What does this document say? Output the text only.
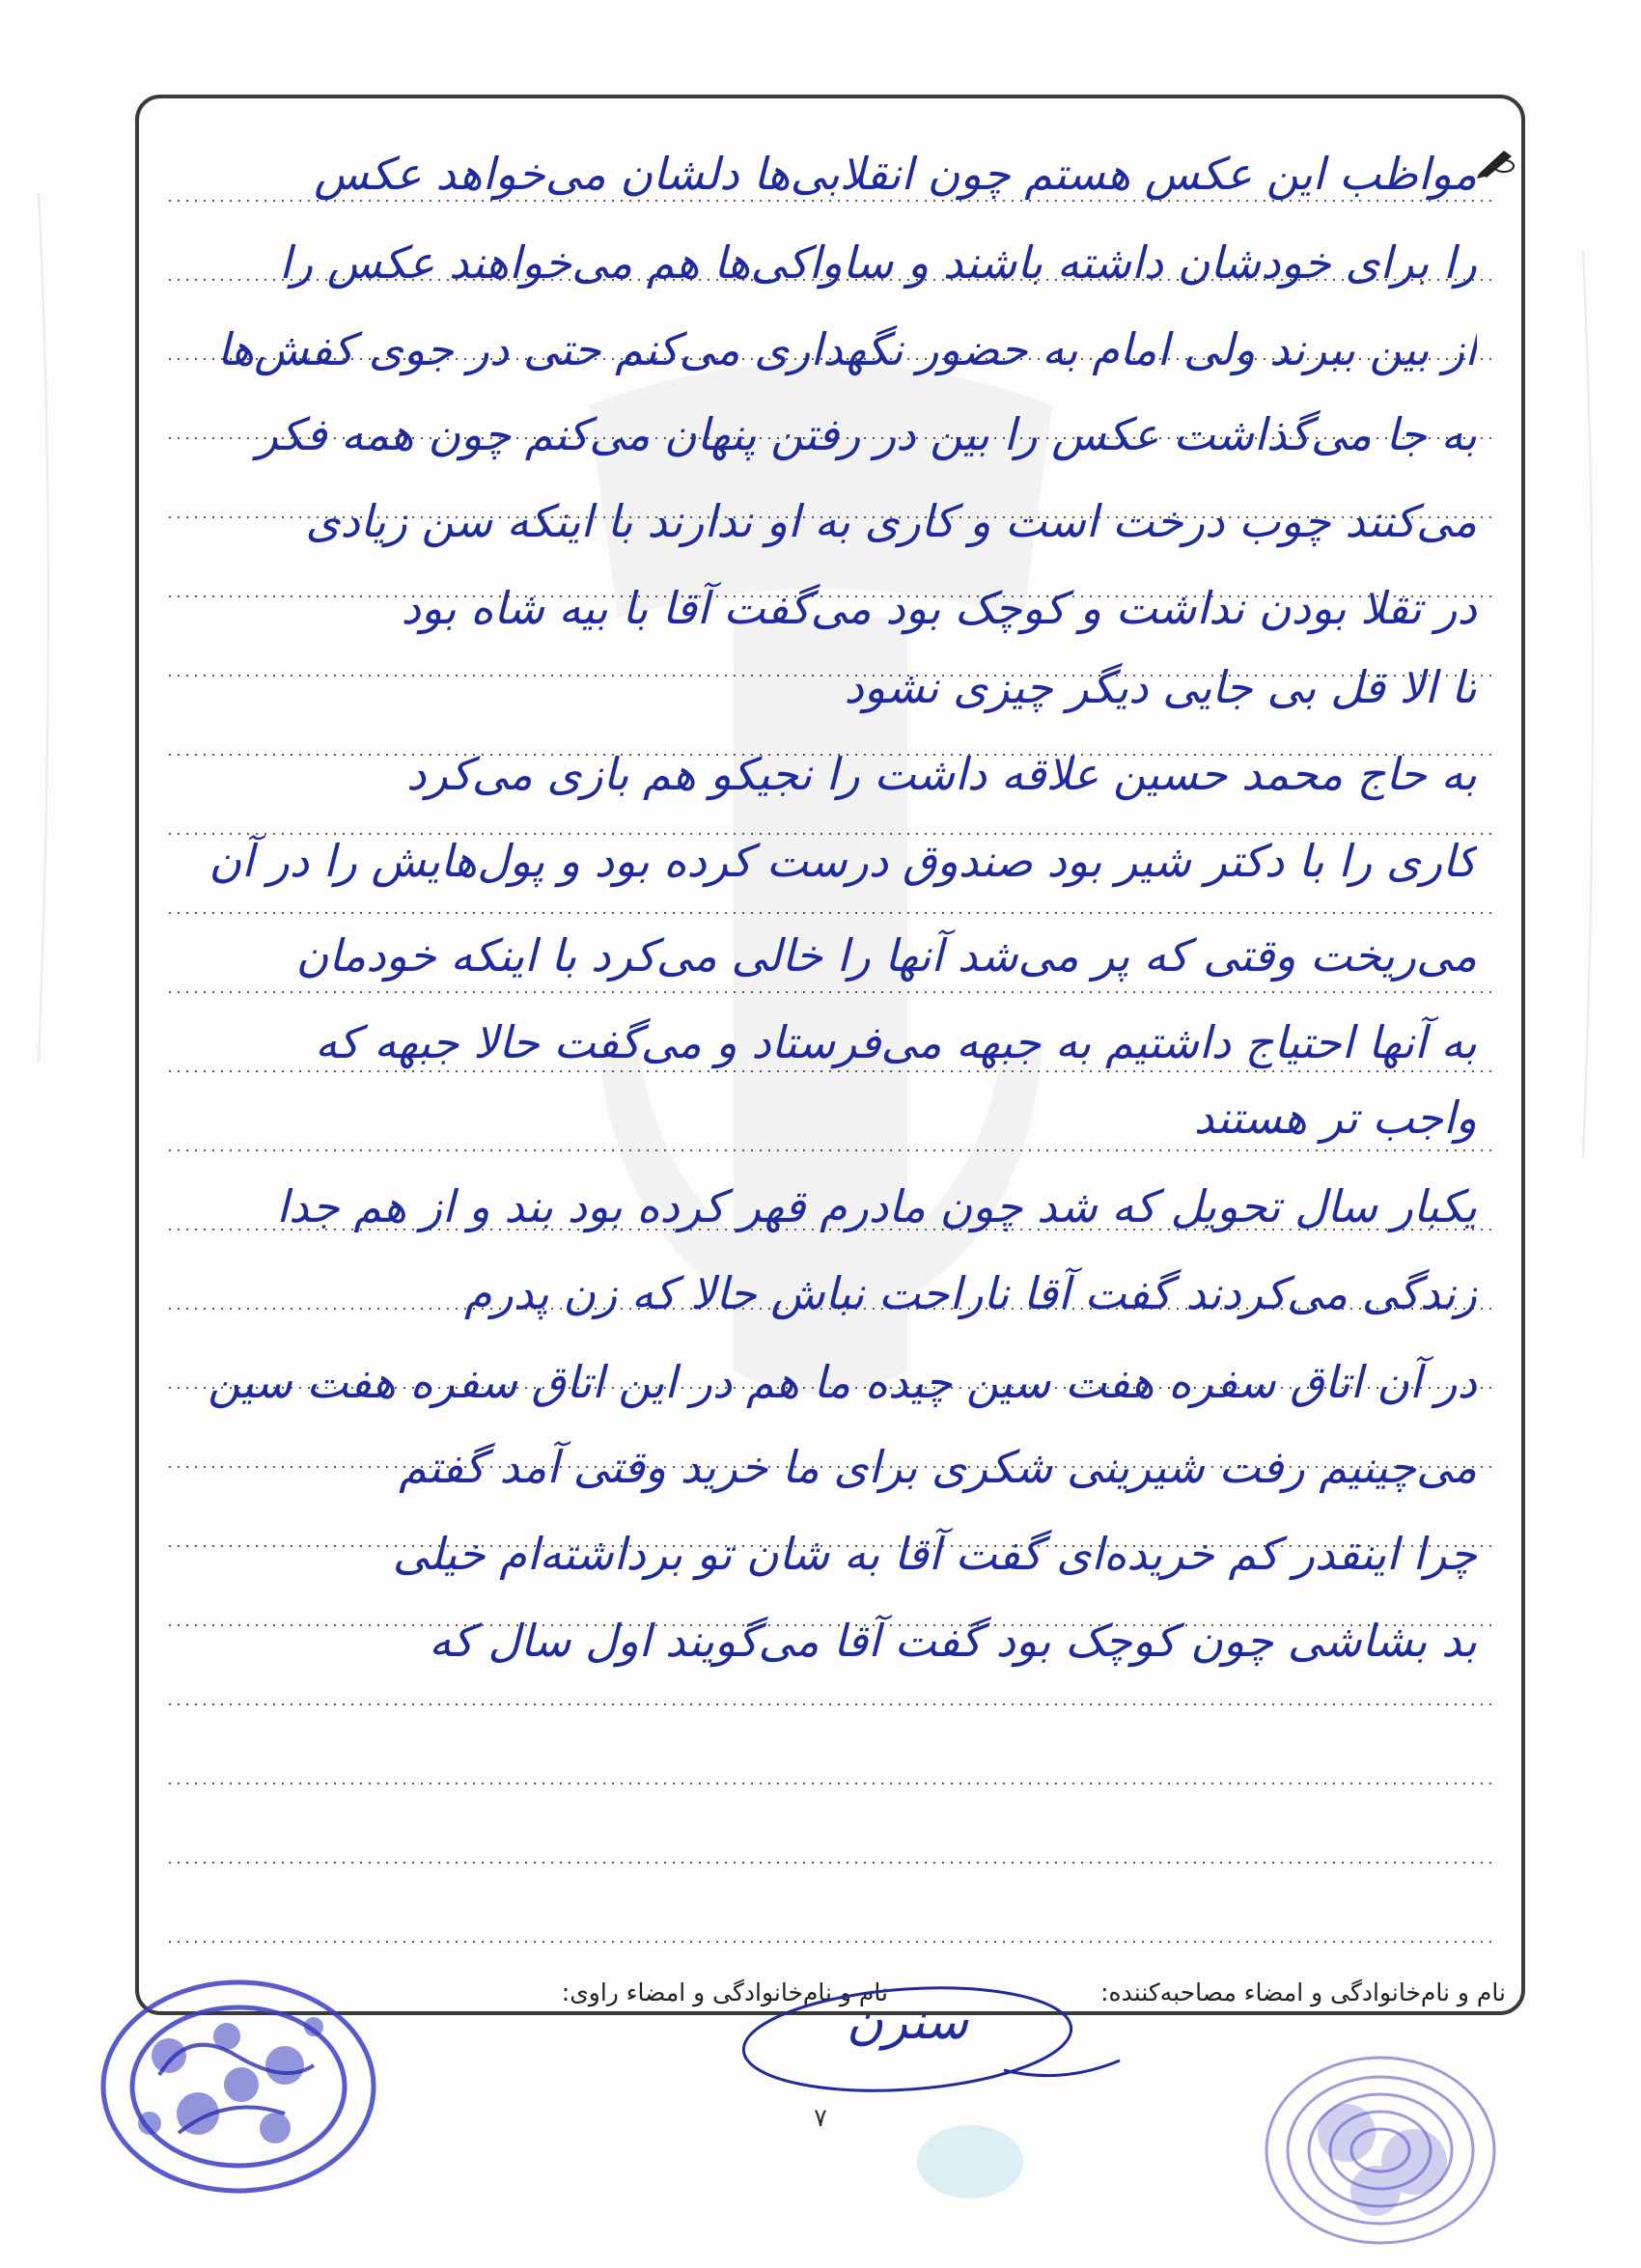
مواظب این عکس هستم چون انقلابی‌ها دلشان می‌خواهد عکس
را برای خودشان داشته باشند و ساواکی‌ها هم می‌خواهند عکس را
از بین ببرند ولی امام به حضور نگهداری می‌کنم حتی در جوی کفش‌ها
به جا می‌گذاشت عکس را بین در رفتن پنهان می‌کنم چون همه فکر
می‌کنند چوب درخت است و کاری به او ندارند با اینکه سن زیادی
در تقلا بودن نداشت و کوچک بود می‌گفت آقا با بیه شاه بود
تا الا قل بی جایی دیگر چیزی نشود
به حاج محمد حسین علاقه داشت را نجیکو هم بازی می‌کرد
کاری را با دکتر شیر بود صندوق درست کرده بود و پول‌هایش را در آن
می‌ریخت وقتی که پر می‌شد آنها را خالی می‌کرد با اینکه خودمان
به آنها احتیاج داشتیم به جبهه می‌فرستاد و می‌گفت حالا جبهه که
واجب تر هستند
یکبار سال تحویل که شد چون مادرم قهر کرده بود بند و از هم جدا
زندگی می‌کردند گفت آقا ناراحت نباش حالا که زن پدرم
در آن اتاق سفره هفت سین چیده ما هم در این اتاق سفره هفت سین
می‌چینیم رفت شیرینی شکری برای ما خرید وقتی آمد گفتم
چرا اینقدر کم خریده‌ای گفت آقا به شان تو برداشته‌ام خیلی
بد بشاشی چون کوچک بود گفت آقا می‌گویند اول سال که
نام و نام‌خانوادگی و امضاء مصاحبه‌کننده:
نام و نام‌خانوادگی و امضاء راوی:
سنرن
۷
